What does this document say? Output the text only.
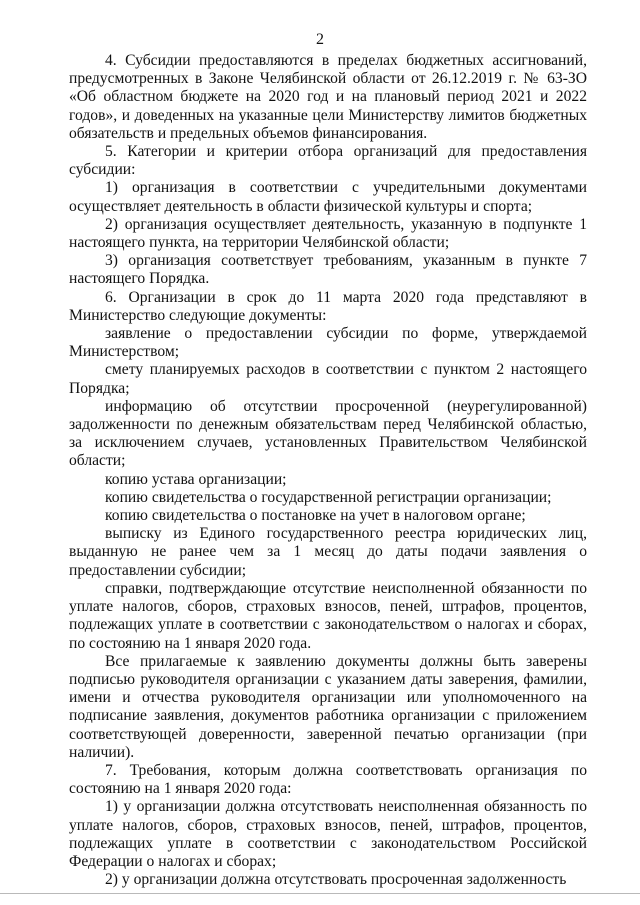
2

4. Субсидии предоставляются в пределах бюджетных ассигнований, предусмотренных в Законе Челябинской области от 26.12.2019 г. № 63-ЗО «Об областном бюджете на 2020 год и на плановый период 2021 и 2022 годов», и доведенных на указанные цели Министерству лимитов бюджетных обязательств и предельных объемов финансирования.

5. Категории и критерии отбора организаций для предоставления субсидии:

1) организация в соответствии с учредительными документами осуществляет деятельность в области физической культуры и спорта;

2) организация осуществляет деятельность, указанную в подпункте 1 настоящего пункта, на территории Челябинской области;

3) организация соответствует требованиям, указанным в пункте 7 настоящего Порядка.

6. Организации в срок до 11 марта 2020 года представляют в Министерство следующие документы:

заявление о предоставлении субсидии по форме, утверждаемой Министерством;

смету планируемых расходов в соответствии с пунктом 2 настоящего Порядка;

информацию об отсутствии просроченной (неурегулированной) задолженности по денежным обязательствам перед Челябинской областью, за исключением случаев, установленных Правительством Челябинской области;

копию устава организации;

копию свидетельства о государственной регистрации организации;

копию свидетельства о постановке на учет в налоговом органе;

выписку из Единого государственного реестра юридических лиц, выданную не ранее чем за 1 месяц до даты подачи заявления о предоставлении субсидии;

справки, подтверждающие отсутствие неисполненной обязанности по уплате налогов, сборов, страховых взносов, пеней, штрафов, процентов, подлежащих уплате в соответствии с законодательством о налогах и сборах, по состоянию на 1 января 2020 года.

Все прилагаемые к заявлению документы должны быть заверены подписью руководителя организации с указанием даты заверения, фамилии, имени и отчества руководителя организации или уполномоченного на подписание заявления, документов работника организации с приложением соответствующей доверенности, заверенной печатью организации (при наличии).

7. Требования, которым должна соответствовать организация по состоянию на 1 января 2020 года:

1) у организации должна отсутствовать неисполненная обязанность по уплате налогов, сборов, страховых взносов, пеней, штрафов, процентов, подлежащих уплате в соответствии с законодательством Российской Федерации о налогах и сборах;

2) у организации должна отсутствовать просроченная задолженность
